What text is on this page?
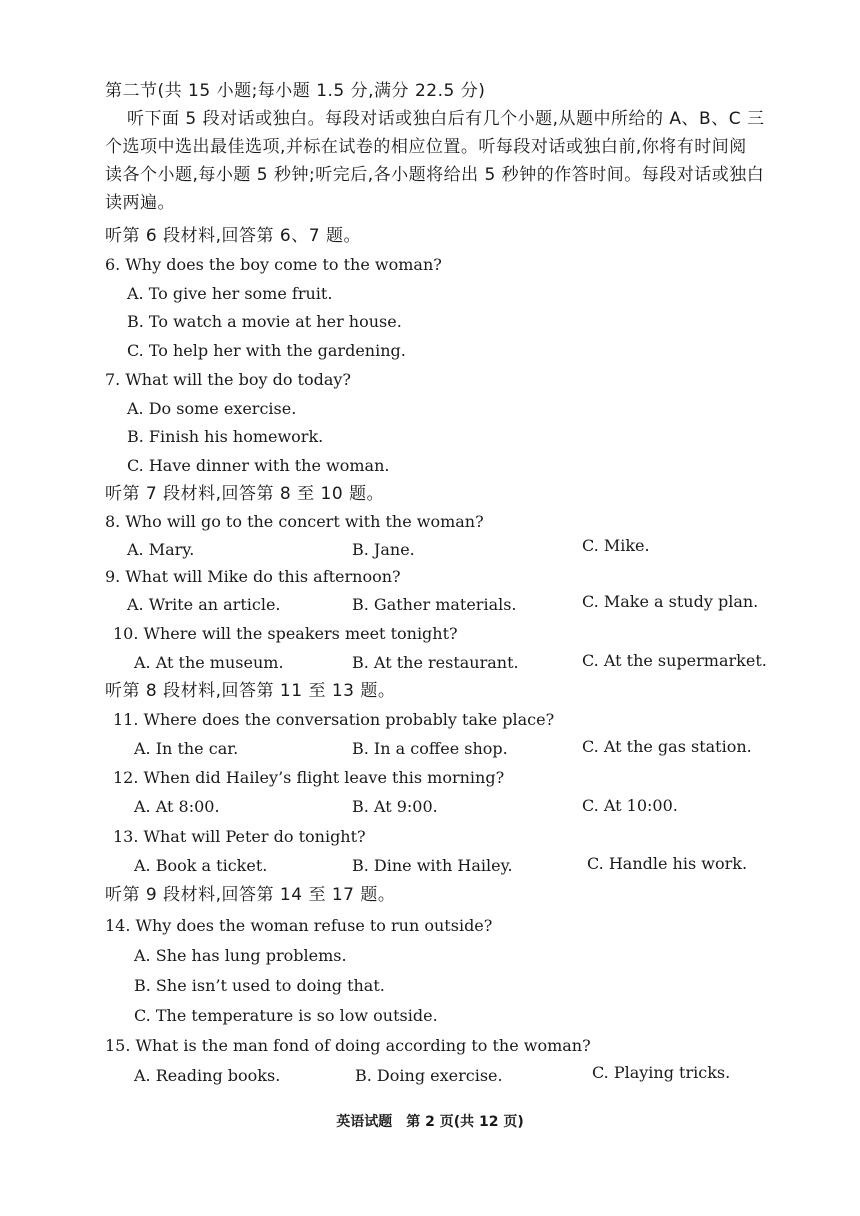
第二节(共 15 小题;每小题 1.5 分,满分 22.5 分)
听下面 5 段对话或独白。每段对话或独白后有几个小题,从题中所给的 A、B、C 三
个选项中选出最佳选项,并标在试卷的相应位置。听每段对话或独白前,你将有时间阅
读各个小题,每小题 5 秒钟;听完后,各小题将给出 5 秒钟的作答时间。每段对话或独白
读两遍。
听第 6 段材料,回答第 6、7 题。
6. Why does the boy come to the woman?
A. To give her some fruit.
B. To watch a movie at her house.
C. To help her with the gardening.
7. What will the boy do today?
A. Do some exercise.
B. Finish his homework.
C. Have dinner with the woman.
听第 7 段材料,回答第 8 至 10 题。
8. Who will go to the concert with the woman?
A. Mary.	B. Jane.	C. Mike.
9. What will Mike do this afternoon?
A. Write an article.	B. Gather materials.	C. Make a study plan.
10. Where will the speakers meet tonight?
A. At the museum.	B. At the restaurant.	C. At the supermarket.
听第 8 段材料,回答第 11 至 13 题。
11. Where does the conversation probably take place?
A. In the car.	B. In a coffee shop.	C. At the gas station.
12. When did Hailey’s flight leave this morning?
A. At 8:00.	B. At 9:00.	C. At 10:00.
13. What will Peter do tonight?
A. Book a ticket.	B. Dine with Hailey.	C. Handle his work.
听第 9 段材料,回答第 14 至 17 题。
14. Why does the woman refuse to run outside?
A. She has lung problems.
B. She isn’t used to doing that.
C. The temperature is so low outside.
15. What is the man fond of doing according to the woman?
A. Reading books.	B. Doing exercise.	C. Playing tricks.
英语试题　第 2 页(共 12 页)
